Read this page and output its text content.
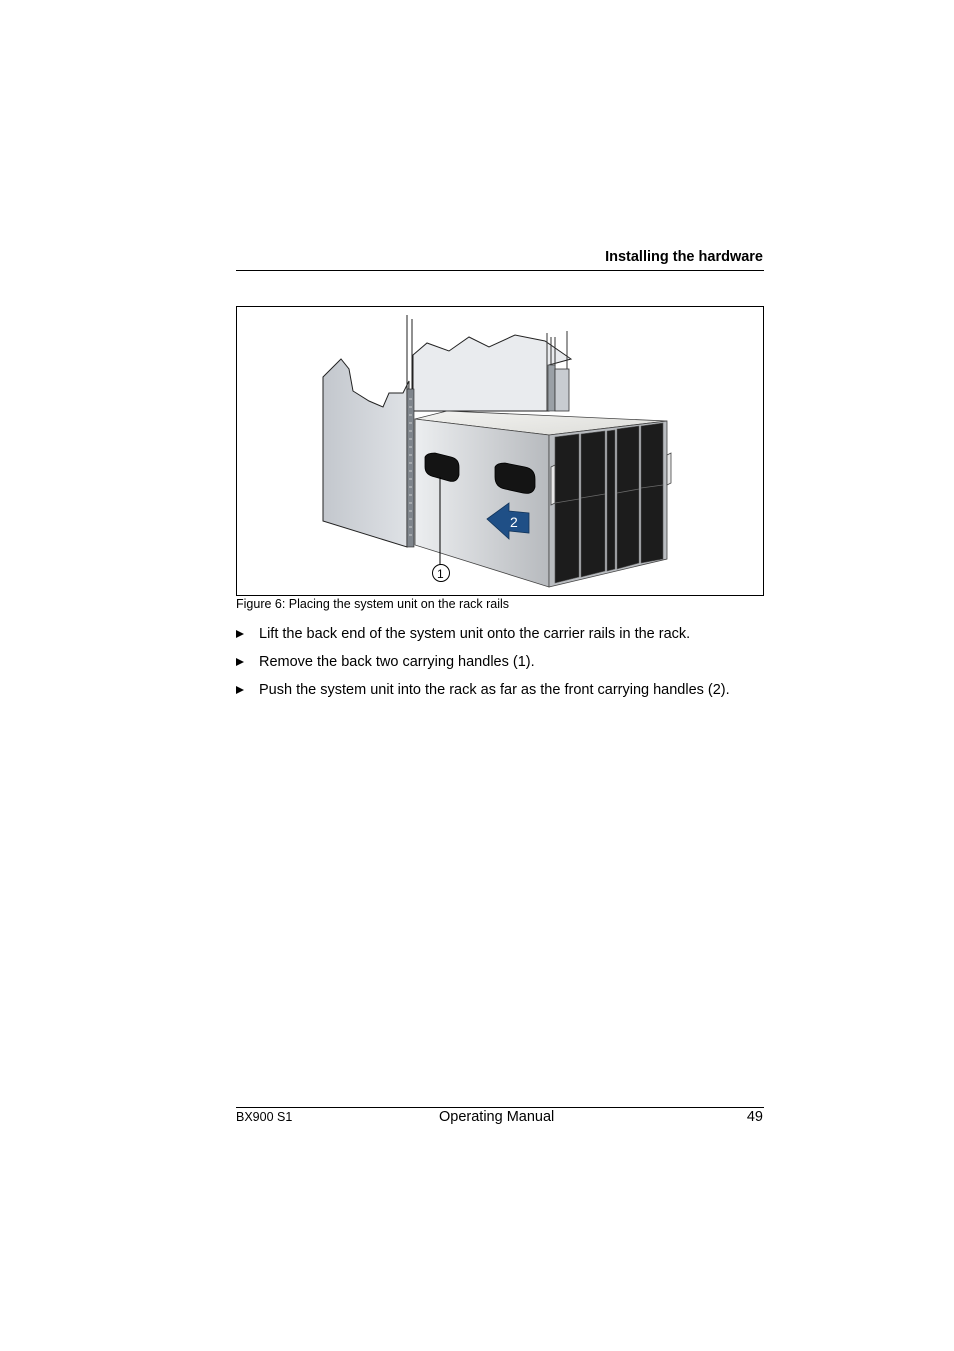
Installing the hardware
2
1
Figure 6: Placing the system unit on the rack rails
Lift the back end of the system unit onto the carrier rails in the rack.
Remove the back two carrying handles (1).
Push the system unit into the rack as far as the front carrying handles (2).
BX900 S1	Operating Manual	49
